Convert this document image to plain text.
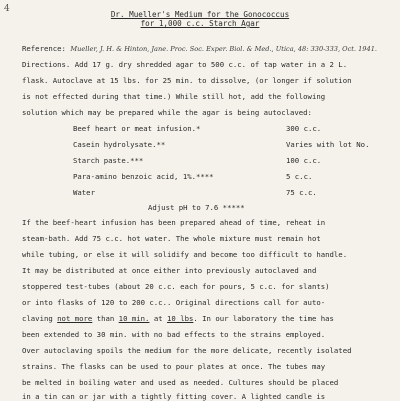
4
Dr. Mueller's Medium for the Gonococcus
for 1,000 c.c. Starch Agar
Reference: Mueller, J. H. & Hinton, Jane. Proc. Soc. Exper. Biol. & Med., Utica, 48: 330-333, Oct. 1941.
Directions. Add 17 g. dry shredded agar to 500 c.c. of tap water in a 2 L.
flask. Autoclave at 15 lbs. for 25 min. to dissolve, (or longer if solution
is not effected during that time.) While still hot, add the following
solution which may be prepared while the agar is being autoclaved:
Beef heart or meat infusion.*	300 c.c.
Casein hydrolysate.**	Varies with lot No.
Starch paste.***	100 c.c.
Para-amino benzoic acid, 1%.****	5 c.c.
Water	75 c.c.
Adjust pH to 7.6 *****
If the beef-heart infusion has been prepared ahead of time, reheat in
steam-bath. Add 75 c.c. hot water. The whole mixture must remain hot
while tubing, or else it will solidify and become too difficult to handle.
It may be distributed at once either into previously autoclaved and
stoppered test-tubes (about 20 c.c. each for pours, 5 c.c. for slants)
or into flasks of 120 to 200 c.c.. Original directions call for auto-
claving not more than 10 min. at 10 lbs. In our laboratory the time has
been extended to 30 min. with no bad effects to the strains employed.
Over autoclaving spoils the medium for the more delicate, recently isolated
strains. The flasks can be used to pour plates at once. The tubes may
be melted in boiling water and used as needed. Cultures should be placed
in a tin can or jar with a tightly fitting cover. A lighted candle is
